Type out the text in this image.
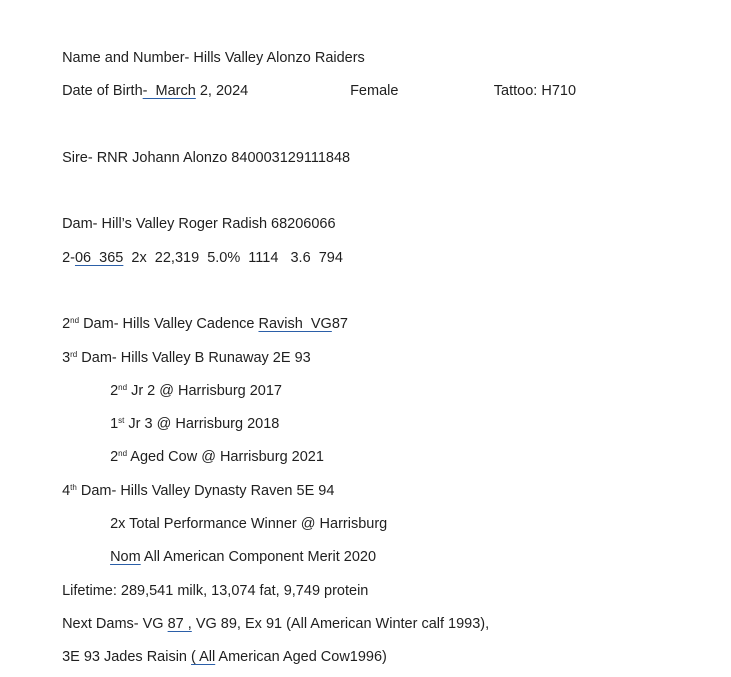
Name and Number- Hills Valley Alonzo Raiders

Date of Birth-  March 2, 2024	Female	Tattoo: H710

Sire- RNR Johann Alonzo 840003129111848

Dam- Hill’s Valley Roger Radish 68206066

2-06  365  2x  22,319  5.0%  1114   3.6  794

2nd Dam- Hills Valley Cadence Ravish  VG87

3rd Dam- Hills Valley B Runaway 2E 93

2nd Jr 2 @ Harrisburg 2017

1st Jr 3 @ Harrisburg 2018

2nd Aged Cow @ Harrisburg 2021

4th Dam- Hills Valley Dynasty Raven 5E 94

2x Total Performance Winner @ Harrisburg

Nom All American Component Merit 2020

Lifetime: 289,541 milk, 13,074 fat, 9,749 protein

Next Dams- VG 87 , VG 89, Ex 91 (All American Winter calf 1993),

3E 93 Jades Raisin ( All American Aged Cow1996)
